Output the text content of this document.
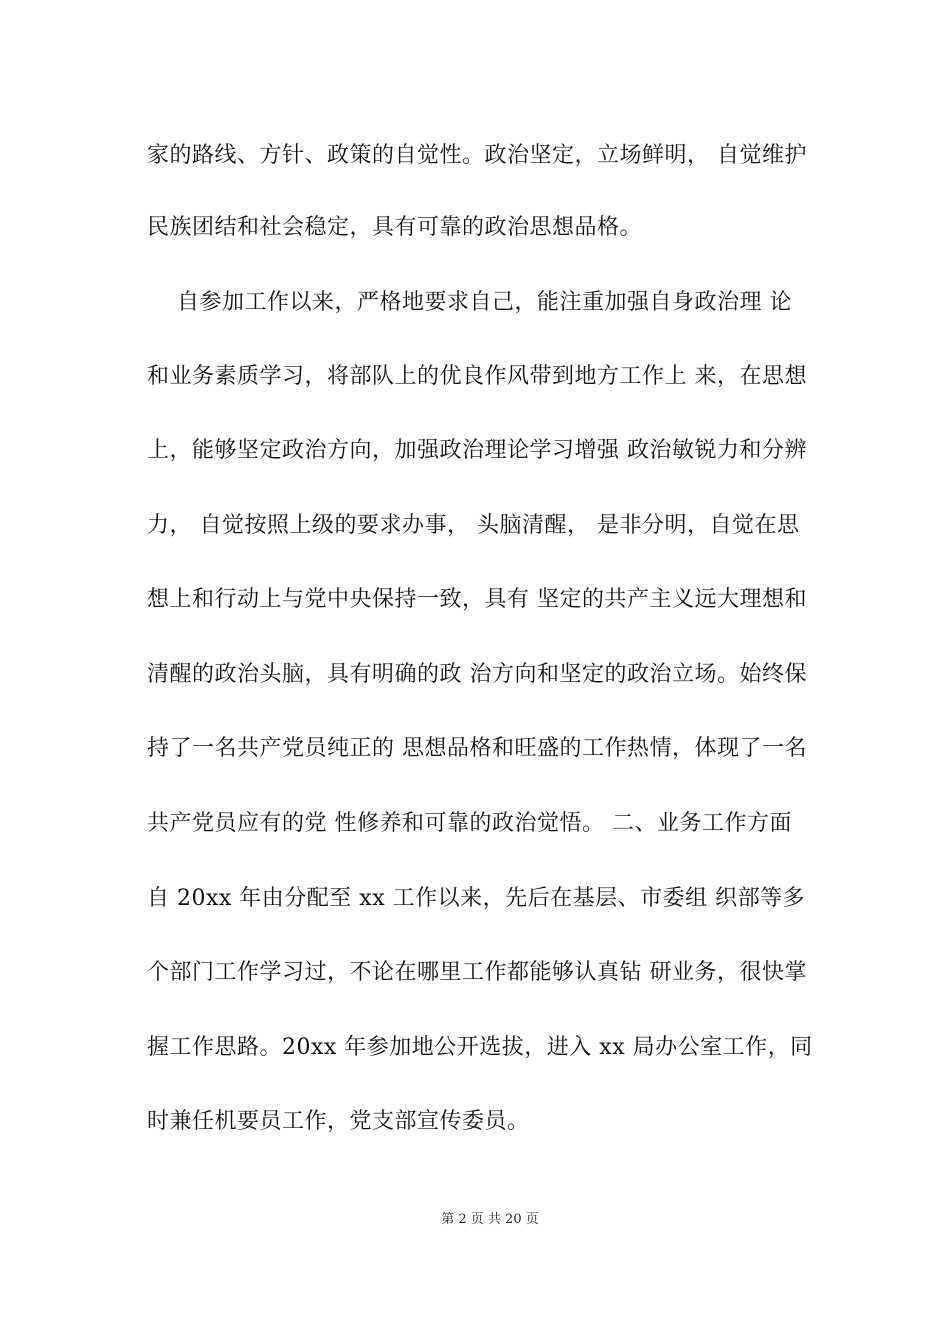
家的路线、方针、政策的自觉性。政治坚定，立场鲜明， 自觉维护
民族团结和社会稳定，具有可靠的政治思想品格。
自参加工作以来，严格地要求自己，能注重加强自身政治理 论
和业务素质学习，将部队上的优良作风带到地方工作上 来，在思想
上，能够坚定政治方向，加强政治理论学习增强 政治敏锐力和分辨
力， 自觉按照上级的要求办事， 头脑清醒， 是非分明，自觉在思
想上和行动上与党中央保持一致，具有 坚定的共产主义远大理想和
清醒的政治头脑，具有明确的政 治方向和坚定的政治立场。始终保
持了一名共产党员纯正的 思想品格和旺盛的工作热情，体现了一名
共产党员应有的党 性修养和可靠的政治觉悟。 二、业务工作方面
自 20xx 年由分配至 xx 工作以来，先后在基层、市委组 织部等多
个部门工作学习过，不论在哪里工作都能够认真钻 研业务，很快掌
握工作思路。20xx 年参加地公开选拔，进入 xx 局办公室工作，同
时兼任机要员工作，党支部宣传委员。
第 2 页 共 20 页
